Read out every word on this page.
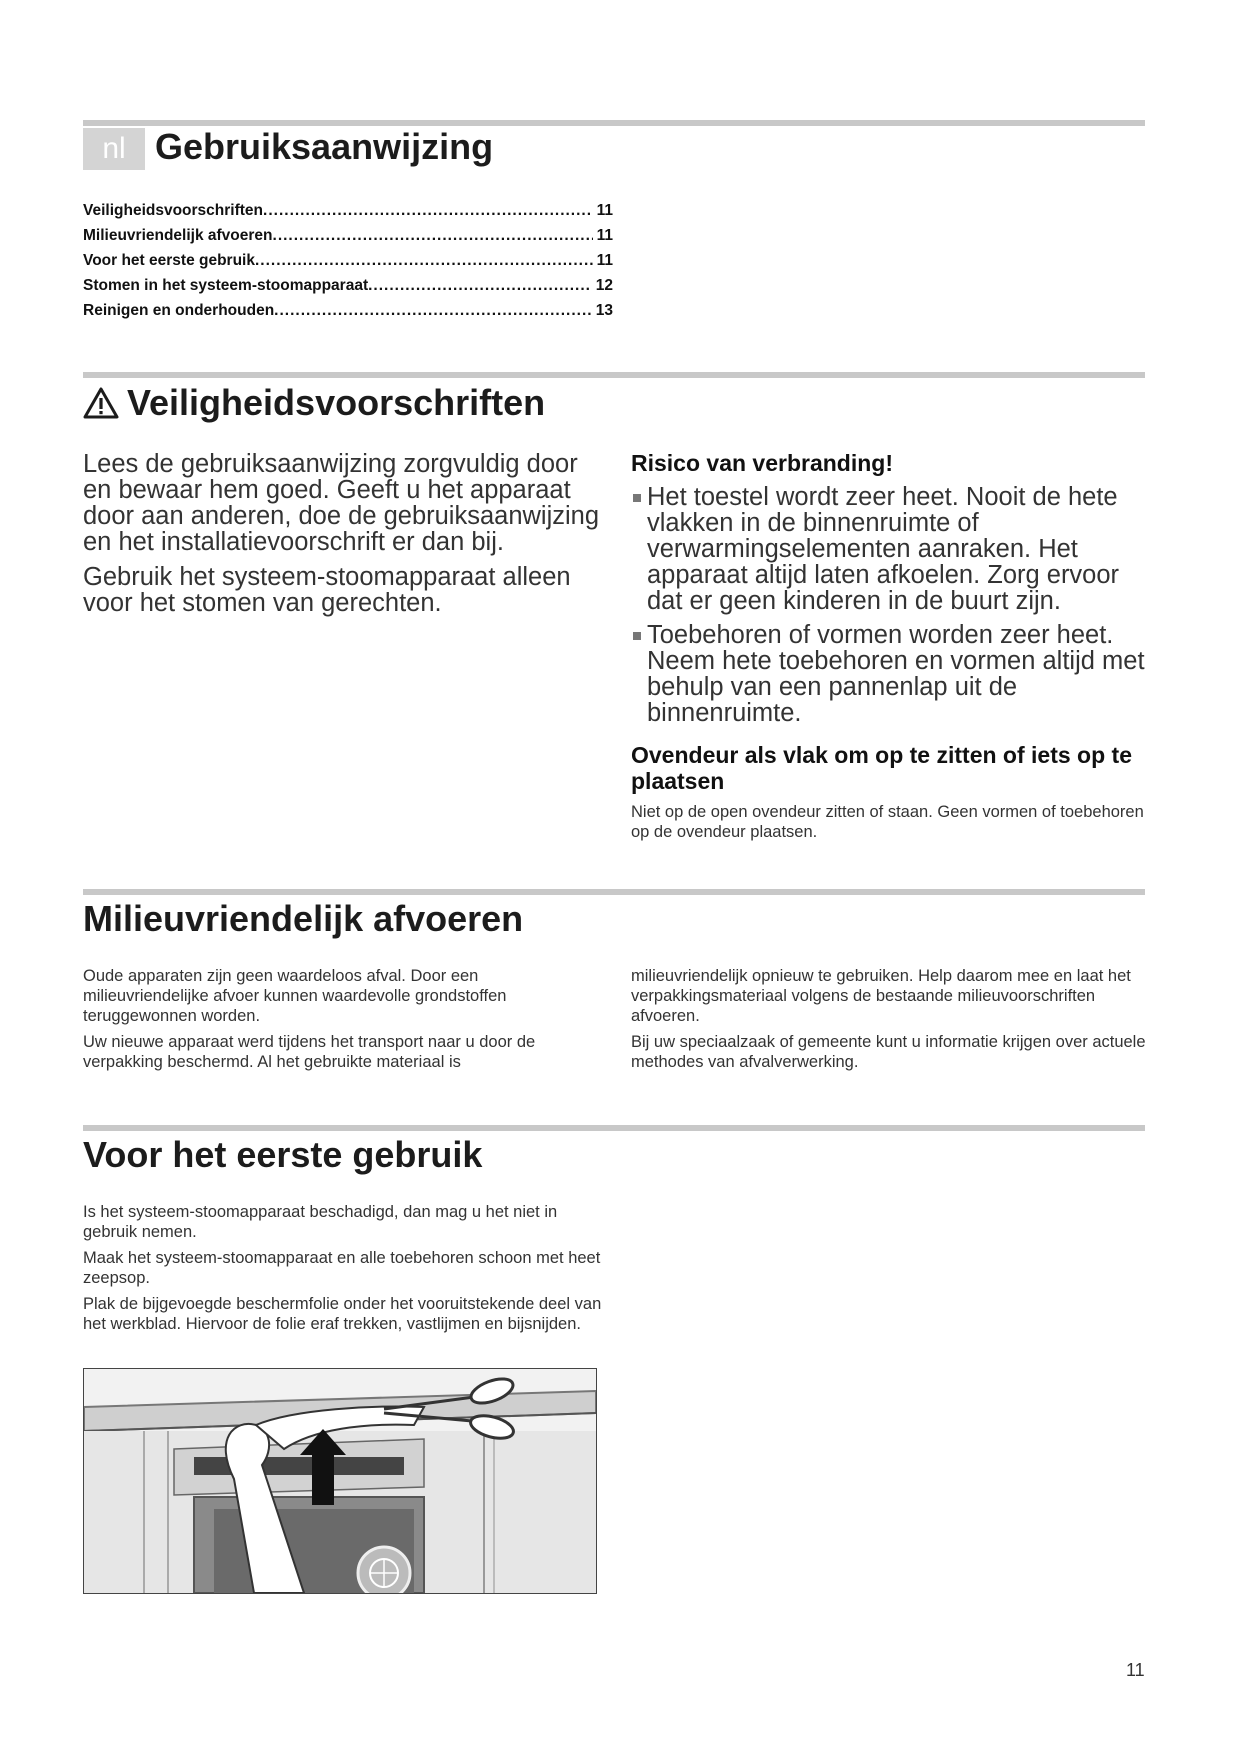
nl Gebruiksaanwijzing
Veiligheidsvoorschriften .....	11
Milieuvriendelijk afvoeren .....	11
Voor het eerste gebruik .....	11
Stomen in het systeem-stoomapparaat .....	12
Reinigen en onderhouden .....	13
Veiligheidsvoorschriften

Lees de gebruiksaanwijzing zorgvuldig door en bewaar hem goed. Geeft u het apparaat door aan anderen, doe de gebruiksaanwijzing en het installatievoorschrift er dan bij.

Gebruik het systeem-stoomapparaat alleen voor het stomen van gerechten.

Risico van verbranding!
Het toestel wordt zeer heet. Nooit de hete vlakken in de binnenruimte of verwarmingselementen aanraken. Het apparaat altijd laten afkoelen. Zorg ervoor dat er geen kinderen in de buurt zijn.
Toebehoren of vormen worden zeer heet. Neem hete toebehoren en vormen altijd met behulp van een pannenlap uit de binnenruimte.
Ovendeur als vlak om op te zitten of iets op te plaatsen
Niet op de open ovendeur zitten of staan. Geen vormen of toebehoren op de ovendeur plaatsen.
Milieuvriendelijk afvoeren

Oude apparaten zijn geen waardeloos afval. Door een milieuvriendelijke afvoer kunnen waardevolle grondstoffen teruggewonnen worden.

Uw nieuwe apparaat werd tijdens het transport naar u door de verpakking beschermd. Al het gebruikte materiaal is

milieuvriendelijk opnieuw te gebruiken. Help daarom mee en laat het verpakkingsmateriaal volgens de bestaande milieuvoorschriften afvoeren.

Bij uw speciaalzaak of gemeente kunt u informatie krijgen over actuele methodes van afvalverwerking.

Voor het eerste gebruik

Is het systeem-stoomapparaat beschadigd, dan mag u het niet in gebruik nemen.

Maak het systeem-stoomapparaat en alle toebehoren schoon met heet zeepsop.

Plak de bijgevoegde beschermfolie onder het vooruitstekende deel van het werkblad. Hiervoor de folie eraf trekken, vastlijmen en bijsnijden.

11
